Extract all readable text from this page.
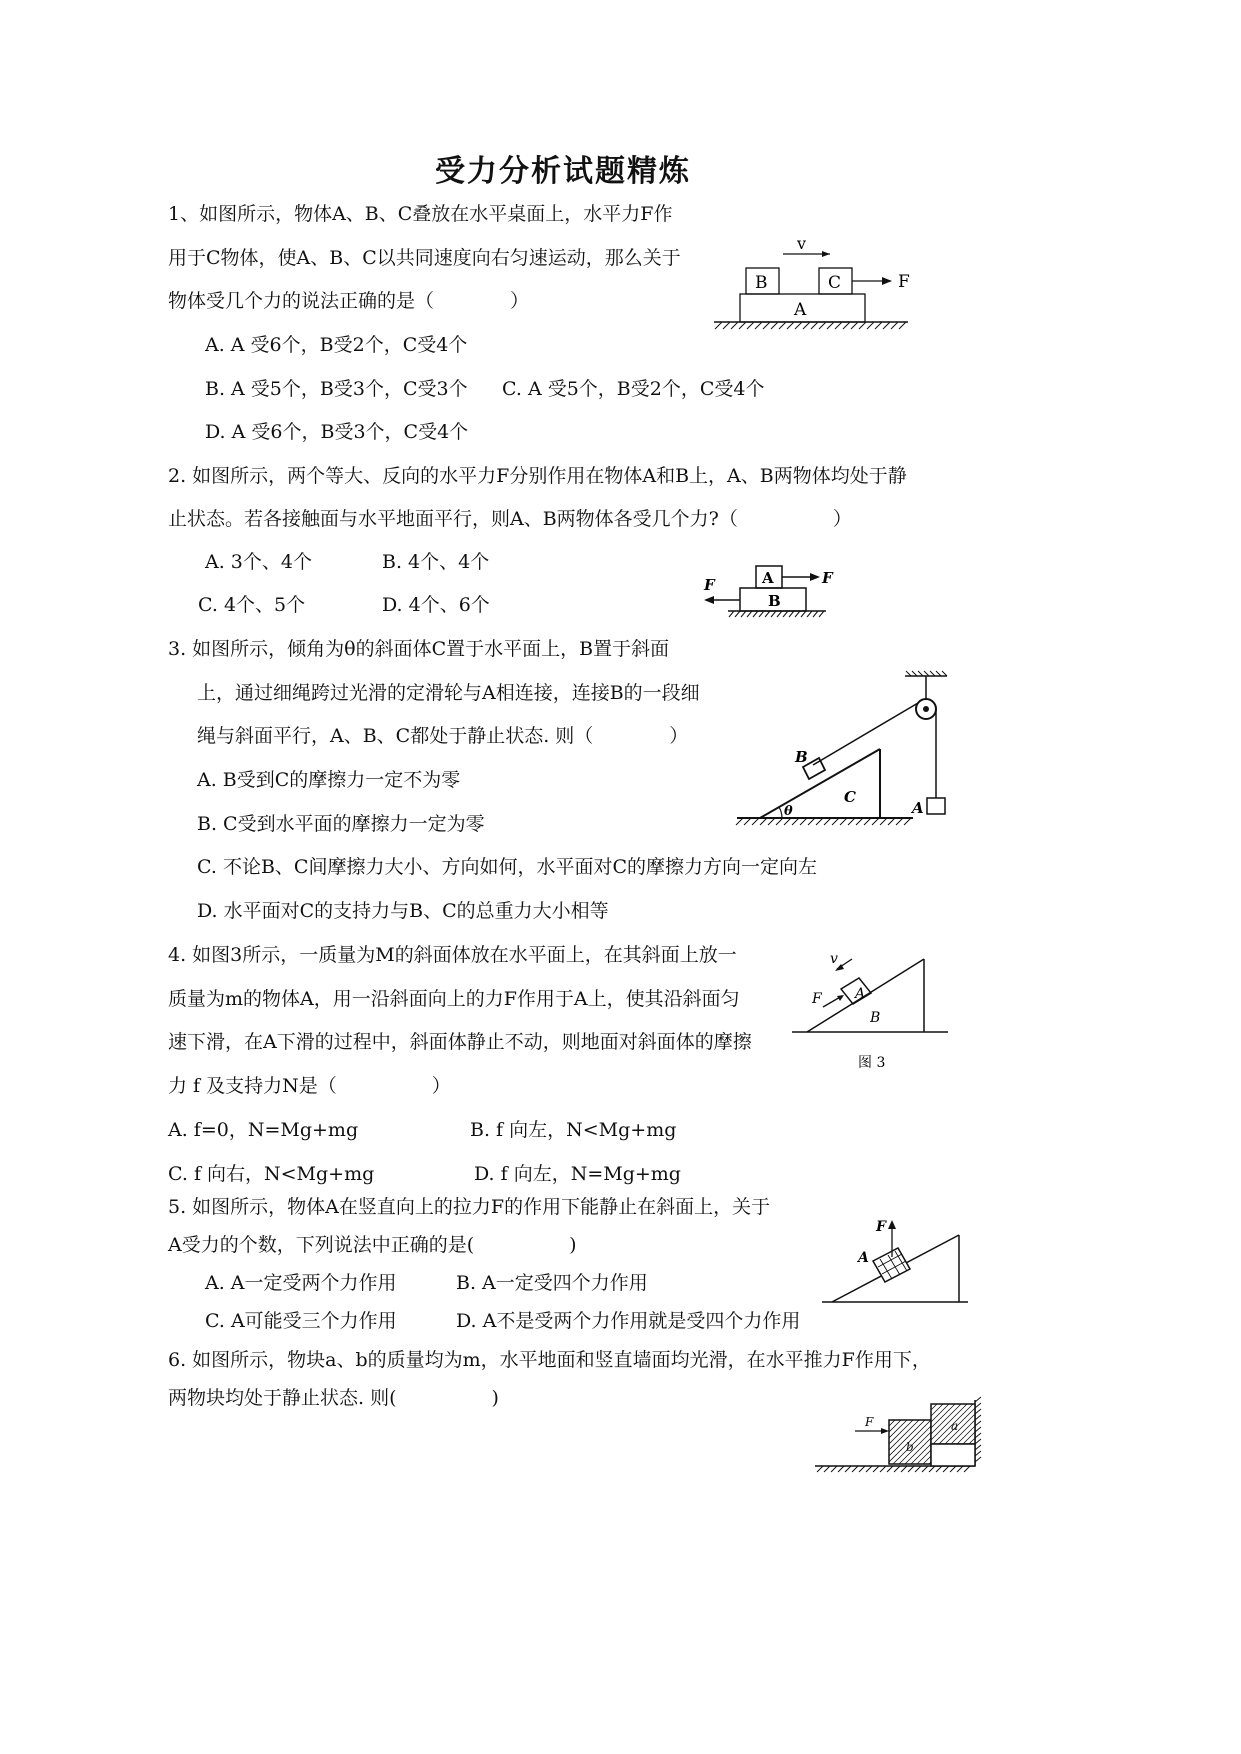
受力分析试题精炼
1、如图所示，物体A、B、C叠放在水平桌面上，水平力F作
用于C物体，使A、B、C以共同速度向右匀速运动，那么关于
物体受几个力的说法正确的是（　　　　）
A. A 受6个，B受2个，C受4个
B. A 受5个，B受3个，C受3个 C. A 受5个，B受2个，C受4个
D. A 受6个，B受3个，C受4个
v
B	C	F
A
2. 如图所示，两个等大、反向的水平力F分别作用在物体A和B上，A、B两物体均处于静
止状态。若各接触面与水平地面平行，则A、B两物体各受几个力?（　　　　　）
A. 3个、4个	B. 4个、4个
C. 4个、5个	D. 4个、6个
A	F
B
F
3. 如图所示，倾角为θ的斜面体C置于水平面上，B置于斜面
上，通过细绳跨过光滑的定滑轮与A相连接，连接B的一段细
绳与斜面平行，A、B、C都处于静止状态. 则（　　　　）
A. B受到C的摩擦力一定不为零
B. C受到水平面的摩擦力一定为零
C. 不论B、C间摩擦力大小、方向如何，水平面对C的摩擦力方向一定向左
D. 水平面对C的支持力与B、C的总重力大小相等
A
B
C
θ
4. 如图3所示，一质量为M的斜面体放在水平面上，在其斜面上放一
质量为m的物体A，用一沿斜面向上的力F作用于A上，使其沿斜面匀
速下滑，在A下滑的过程中，斜面体静止不动，则地面对斜面体的摩擦
力 f 及支持力N是（　　　　　）
A. f=0，N=Mg+mg	B. f 向左，N<Mg+mg
C. f 向右，N<Mg+mg	D. f 向左，N=Mg+mg
A
v
F
B
图 3
5. 如图所示，物体A在竖直向上的拉力F的作用下能静止在斜面上，关于
A受力的个数，下列说法中正确的是(　　　　　)
A. A一定受两个力作用	B. A一定受四个力作用
C. A可能受三个力作用	D. A不是受两个力作用就是受四个力作用
F
A
6. 如图所示，物块a、b的质量均为m，水平地面和竖直墙面均光滑，在水平推力F作用下，
两物块均处于静止状态. 则(　　　　　)
b
a
F
